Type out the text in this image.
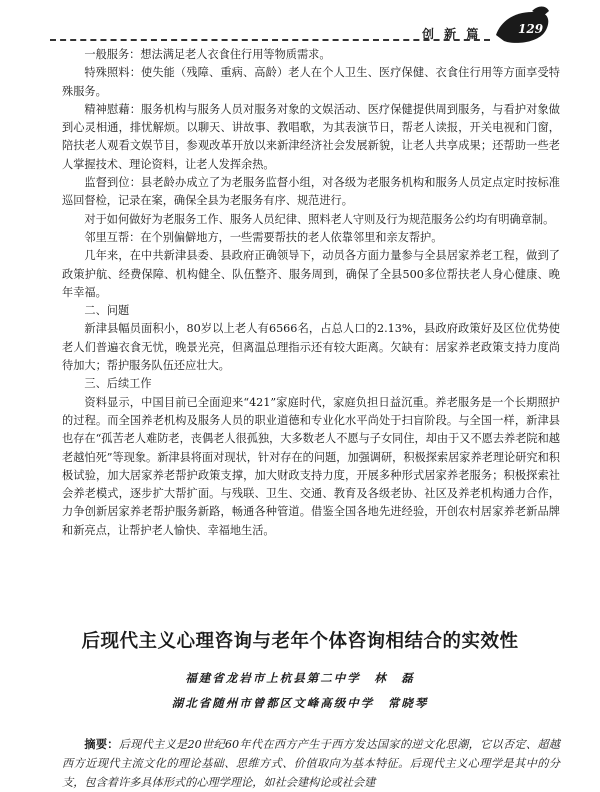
创 新 篇	129

一般服务：想法满足老人衣食住行用等物质需求。

特殊照料：使失能（残障、重病、高龄）老人在个人卫生、医疗保健、衣食住行用等方面享受特殊服务。

精神慰藉：服务机构与服务人员对服务对象的文娱活动、医疗保健提供周到服务，与看护对象做到心灵相通，排忧解烦。以聊天、讲故事、教唱歌，为其表演节日，帮老人读报，开关电视和门窗，陪扶老人观看文娱节目，参观改革开放以来新津经济社会发展新貌，让老人共享成果；还帮助一些老人掌握技术、理论资料，让老人发挥余热。

监督到位：县老龄办成立了为老服务监督小组，对各级为老服务机构和服务人员定点定时按标准巡回督检，记录在案，确保全县为老服务有序、规范进行。

对于如何做好为老服务工作、服务人员纪律、照料老人守则及行为规范服务公约均有明确章制。

邻里互帮：在个别偏僻地方，一些需要帮扶的老人依靠邻里和亲友帮护。

几年来，在中共新津县委、县政府正确领导下，动员各方面力量参与全县居家养老工程，做到了政策护航、经费保障、机构健全、队伍整齐、服务周到，确保了全县500多位帮扶老人身心健康、晚年幸福。

二、问题

新津县幅员面积小，80岁以上老人有6566名，占总人口的2.13%，县政府政策好及区位优势使老人们普遍衣食无忧，晚景光亮，但离温总理指示还有较大距离。欠缺有：居家养老政策支持力度尚待加大；帮护服务队伍还应壮大。

三、后续工作

资料显示，中国目前已全面迎来“421”家庭时代，家庭负担日益沉重。养老服务是一个长期照护的过程。而全国养老机构及服务人员的职业道德和专业化水平尚处于扫盲阶段。与全国一样，新津县也存在“孤苦老人难防老，丧偶老人很孤独，大多数老人不愿与子女同住，却由于又不愿去养老院和越老越怕死”等现象。新津县将面对现状，针对存在的问题，加强调研，积极探索居家养老理论研究和积极试验，加大居家养老帮护政策支撑，加大财政支持力度，开展多种形式居家养老服务；积极探索社会养老模式，逐步扩大帮扩面。与残联、卫生、交通、教育及各级老协、社区及养老机构通力合作，力争创新居家养老帮护服务新路，畅通各种管道。借鉴全国各地先进经验，开创农村居家养老新品牌和新亮点，让帮护老人愉快、幸福地生活。

后现代主义心理咨询与老年个体咨询相结合的实效性
福建省龙岩市上杭县第二中学　林　磊
湖北省随州市曾都区文峰高级中学　常晓琴

摘要：后现代主义是20世纪60年代在西方产生于西方发达国家的逆文化思潮，它以否定、超越西方近现代主流文化的理论基础、思维方式、价值取向为基本特征。后现代主义心理学是其中的分支，包含着许多具体形式的心理学理论，如社会建构论或社会建
